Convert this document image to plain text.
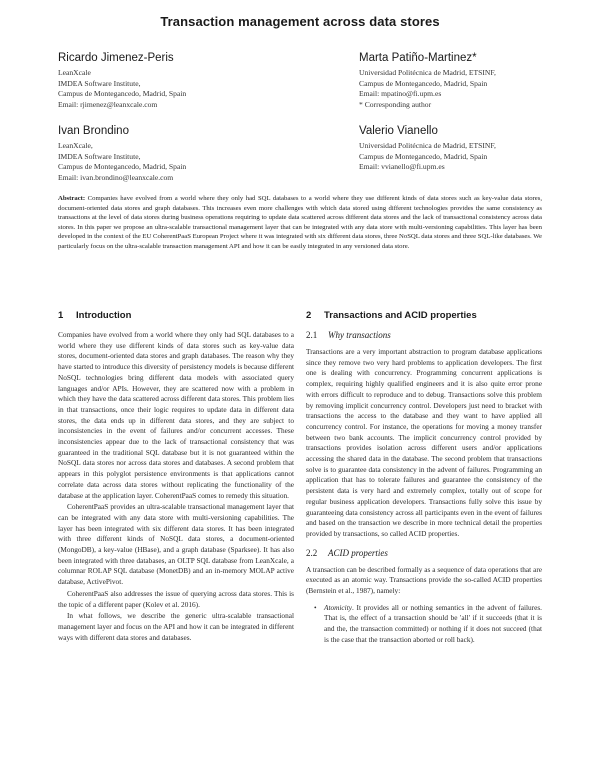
Transaction management across data stores
Ricardo Jimenez-Peris
LeanXcale
IMDEA Software Institute,
Campus de Montegancedo, Madrid, Spain
Email: rjimenez@leanxcale.com
Marta Patiño-Martinez*
Universidad Politécnica de Madrid, ETSINF,
Campus de Montegancedo, Madrid, Spain
Email: mpatino@fi.upm.es
* Corresponding author
Ivan Brondino
LeanXcale,
IMDEA Software Institute,
Campus de Montegancedo, Madrid, Spain
Email: ivan.brondino@leanxcale.com
Valerio Vianello
Universidad Politécnica de Madrid, ETSINF,
Campus de Montegancedo, Madrid, Spain
Email: vvianello@fi.upm.es
Abstract: Companies have evolved from a world where they only had SQL databases to a world where they use different kinds of data stores such as key-value data stores, document-oriented data stores and graph databases. This increases even more challenges with which data stored using different technologies provides the same consistency as transactions at the level of data stores during business operations requiring to update data scattered across different data stores and the lack of transactional consistency across data stores. In this paper we propose an ultra-scalable transactional management layer that can be integrated with any data store with multi-versioning capabilities. This layer has been developed in the context of the EU CoherentPaaS European Project where it was integrated with six different data stores, three NoSQL data stores and three SQL-like databases. We particularly focus on the ultra-scalable transaction management API and how it can be easily integrated in any versioned data store.
1 Introduction

Companies have evolved from a world where they only had SQL databases to a world where they use different kinds of data stores such as key-value data stores, document-oriented data stores and graph databases. The reason why they have started to introduce this diversity of persistency models is because different NoSQL technologies bring different data models with associated query languages and/or APIs. However, they are scattered now with a problem in which they have the data scattered across different data stores. This problem lies in that transactions, once their logic requires to update data in different data stores, the data ends up in different data stores, and they are subject to inconsistencies in the event of failures and/or concurrent accesses. These inconsistencies appear due to the lack of transactional consistency that was guaranteed in the traditional SQL database but it is not guaranteed within the NoSQL data stores nor across data stores and databases. A second problem that appears in this polyglot persistence environments is that applications cannot correlate data across data stores without replicating the functionality of the database at the application layer. CoherentPaaS comes to remedy this situation.

CoherentPaaS provides an ultra-scalable transactional management layer that can be integrated with any data store with multi-versioning capabilities. The layer has been integrated with six different data stores. It has been integrated with three different kinds of NoSQL data stores, a document-oriented (MongoDB), a key-value (HBase), and a graph database (Sparksee). It has also been integrated with three databases, an OLTP SQL database from LeanXcale, a columnar ROLAP SQL database (MonetDB) and an in-memory MOLAP active database, ActivePivot.

CoherentPaaS also addresses the issue of querying across data stores. This is the topic of a different paper (Kolev et al. 2016).

In what follows, we describe the generic ultra-scalable transactional management layer and focus on the API and how it can be integrated in different ways with different data stores and databases.

2 Transactions and ACID properties
2.1 Why transactions

Transactions are a very important abstraction to program database applications since they remove two very hard problems to application developers. The first one is dealing with concurrency. Programming concurrent applications is complex, requiring highly qualified engineers and it is also quite error prone with errors difficult to reproduce and to debug. Transactions solve this problem by removing implicit concurrency control. Developers just need to bracket with transactions the access to the database and they want to have applied all concurrency control. For instance, the operations for moving a money transfer between two bank accounts. The implicit concurrency control provided by transactions provides isolation across different users and/or applications accessing the shared data in the database. The second problem that transactions solve is to guarantee data consistency in the advent of failures. Programming an application that has to tolerate failures and guarantee the consistency of the persistent data is very hard and extremely complex, totally out of scope for regular business application developers. Transactions fully solve this issue by guaranteeing data consistency across all participants even in the event of failures and based on the transaction we describe in more technical detail the properties provided by transactions, so called ACID properties.

2.2 ACID properties

A transaction can be described formally as a sequence of data operations that are executed as an atomic way. Transactions provide the so-called ACID properties (Bernstein et al., 1987), namely:

• Atomicity. It provides all or nothing semantics in the advent of failures. That is, the effect of a transaction should be 'all' if it succeeds (that it is and the, the transaction committed) or nothing if it does not succeed (that is the case that the transaction aborted or roll back).
